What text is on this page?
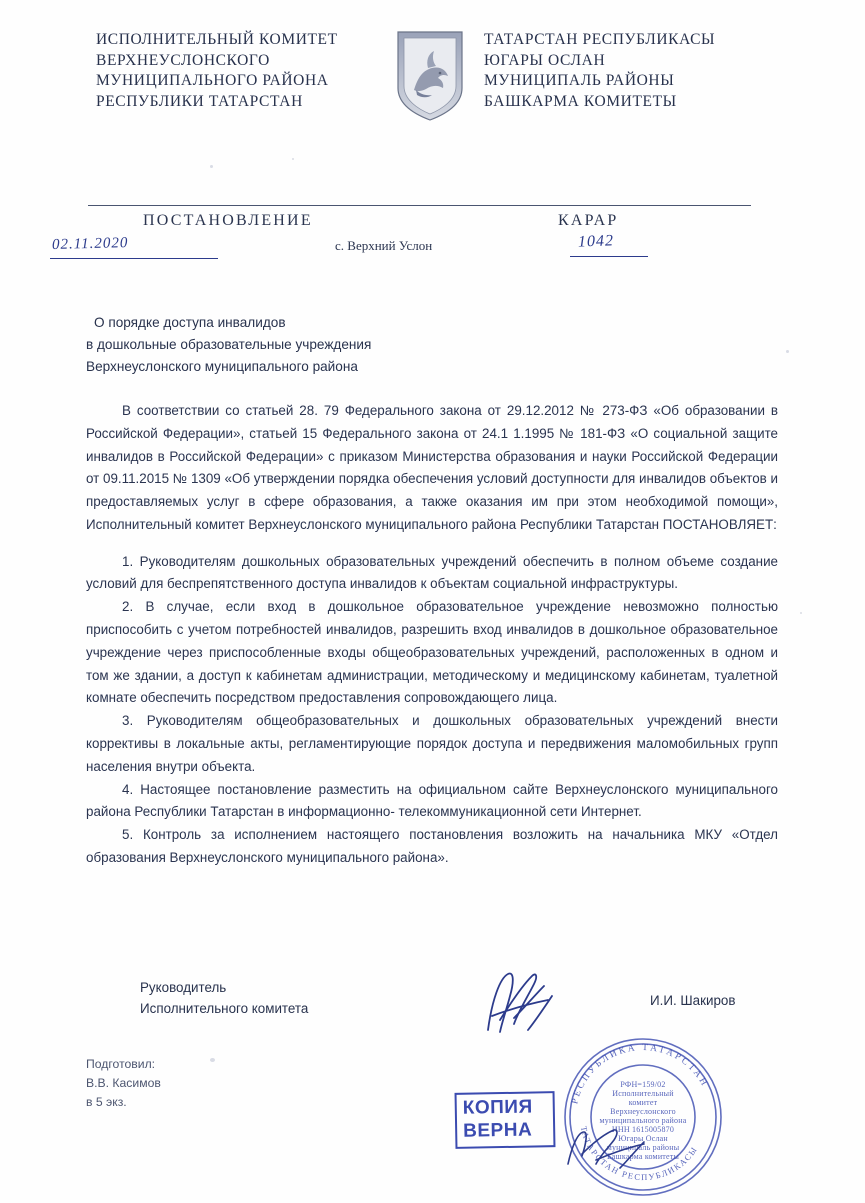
ИСПОЛНИТЕЛЬНЫЙ КОМИТЕТ
ВЕРХНЕУСЛОНСКОГО
МУНИЦИПАЛЬНОГО РАЙОНА
РЕСПУБЛИКИ ТАТАРСТАН
ТАТАРСТАН РЕСПУБЛИКАСЫ
ЮГАРЫ ОСЛАН
МУНИЦИПАЛЬ РАЙОНЫ
БАШКАРМА КОМИТЕТЫ
ПОСТАНОВЛЕНИЕ	КАРАР
с. Верхний Услон
02.11.2020	1042
О порядке доступа инвалидов
в дошкольные образовательные учреждения
Верхнеуслонского муниципального района

В соответствии со статьей 28. 79 Федерального закона от 29.12.2012 № 273-ФЗ «Об образовании в Российской Федерации», статьей 15 Федерального закона от 24.1 1.1995 № 181-ФЗ «О социальной защите инвалидов в Российской Федерации» с приказом Министерства образования и науки Российской Федерации от 09.11.2015 № 1309 «Об утверждении порядка обеспечения условий доступности для инвалидов объектов и предоставляемых услуг в сфере образования, а также оказания им при этом необходимой помощи», Исполнительный комитет Верхнеуслонского муниципального района Республики Татарстан ПОСТАНОВЛЯЕТ:

1. Руководителям дошкольных образовательных учреждений обеспечить в полном объеме создание условий для беспрепятственного доступа инвалидов к объектам социальной инфраструктуры.

2. В случае, если вход в дошкольное образовательное учреждение невозможно полностью приспособить с учетом потребностей инвалидов, разрешить вход инвалидов в дошкольное образовательное учреждение через приспособленные входы общеобразовательных учреждений, расположенных в одном и том же здании, а доступ к кабинетам администрации, методическому и медицинскому кабинетам, туалетной комнате обеспечить посредством предоставления сопровождающего лица.

3. Руководителям общеобразовательных и дошкольных образовательных учреждений внести коррективы в локальные акты, регламентирующие порядок доступа и передвижения маломобильных групп населения внутри объекта.

4. Настоящее постановление разместить на официальном сайте Верхнеуслонского муниципального района Республики Татарстан в информационно- телекоммуникационной сети Интернет.

5. Контроль за исполнением настоящего постановления возложить на начальника МКУ «Отдел образования Верхнеуслонского муниципального района».

Руководитель
Исполнительного комитета
И.И. Шакиров
Подготовил:
В.В. Касимов
в 5 экз.	РЕСПУБЛИКА ТАТАРСТАН
ТАТАРСТАН РЕСПУБЛИКАСЫ
РФН=159/02
Исполнительный
комитет
Верхнеуслонского
муниципального района
ИНН 1615005870
Югары Ослан
муниципаль районы
Башкарма комитеты
КОПИЯ
ВЕРНА
